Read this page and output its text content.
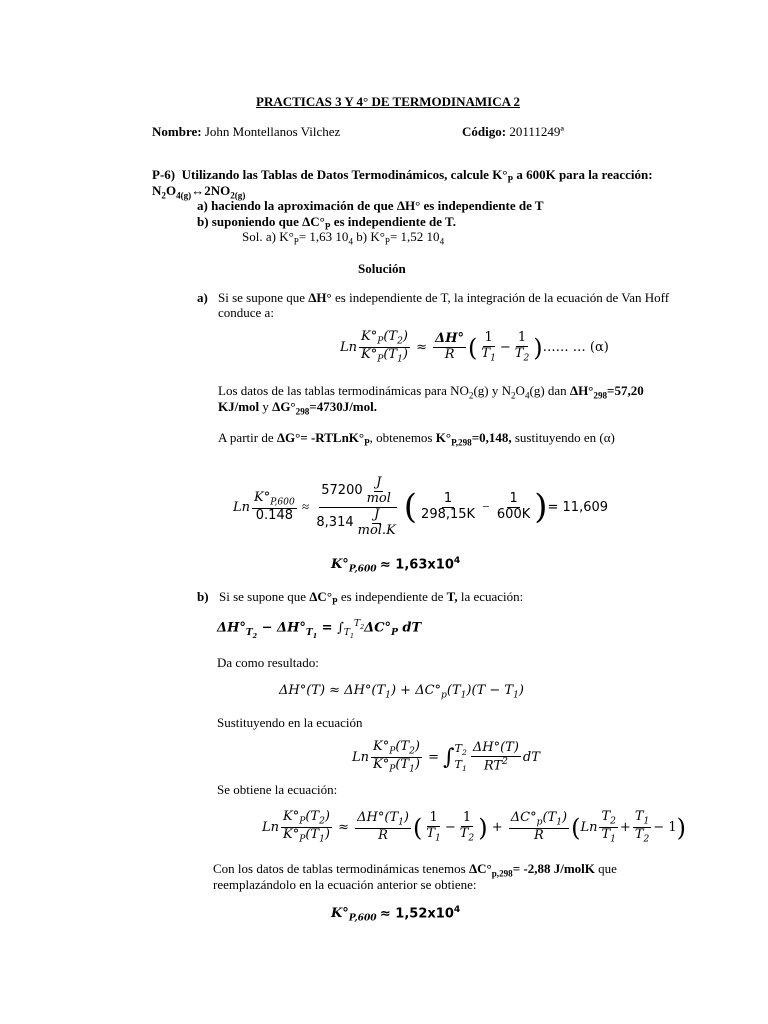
PRACTICAS 3 Y 4° DE TERMODINAMICA 2
Nombre: John Montellanos Vilchez	Código: 20111249ª
P-6) Utilizando las Tablas de Datos Termodinámicos, calcule $K^\circ_P$ a 600K para la reacción:
$N_2O_{4(g)}\leftrightarrow 2NO_{2(g)}$
a) haciendo la aproximación de que ΔH° es independiente de T
b) suponiendo que $\Delta C^\circ_P$ es independiente de T.
Sol. a) $K^\circ_P= 1,63$ $10_4$ b) $K^\circ_P= 1,52$ $10_4$
Solución
a) Si se supone que ΔH° es independiente de T, la integración de la ecuación de Van Hoff
conduce a:
Ln $\frac{K^\circ_P(T_2)}{K^\circ_P(T_1)} \approx \frac{\Delta H^\circ}{R}$ ( $\frac{1}{T_1} - \frac{1}{T_2}$ ) …… … (α)
Los datos de las tablas termodinámicas para $NO_2(g)$ y $N_2O_4(g)$ dan $\Delta H^\circ_{298}=57,20$
KJ/mol y $\Delta G^\circ_{298}=4730J$/mol.
A partir de $\Delta G^\circ= -RTLnK^\circ_P$, obtenemos $K^\circ_{P,298}=0,148$, sustituyendo en (α)
Ln $\frac{K^\circ_{P,600}}{0.148} \approx \frac{57200 \frac{J}{\text{mol}}}{8,314 \frac{J}{\text{mol.K}}}$ ( $\frac{1}{298,15K} - \frac{1}{600K}$ ) = 11,609
$K^\circ_{P,600} \approx 1,63x10^4$
b) Si se supone que $\Delta C^\circ_P$ es independiente de T, la ecuación:
$\Delta H^\circ_{T_2} - \Delta H^\circ_{T_1} = \int_{T_1}^{T_2}\Delta C^\circ_P$ dT
Da como resultado:
$\Delta H^\circ(T) \approx \Delta H^\circ(T_1) + \Delta C^\circ_p(T_1)(T - T_1)$
Sustituyendo en la ecuación
Ln $\frac{K^\circ_P(T_2)}{K^\circ_P(T_1)}$ = ∫ $T_2$
$T_1 \frac{\Delta H^\circ(T)}{RT^2}$ dT
Se obtiene la ecuación:
Ln $\frac{K^\circ_P(T_2)}{K^\circ_P(T_1)} \approx \frac{\Delta H^\circ(T_1)}{R}$ ( $\frac{1}{T_1} - \frac{1}{T_2}$ ) + $\frac{\Delta C^\circ_p(T_1)}{R}$ ( Ln $\frac{T_2}{T_1} + \frac{T_1}{T_2} - 1$ )
Con los datos de tablas termodinámicas tenemos $\Delta C^\circ_{p,298}= -2,88$ J/molK que
reemplazándolo en la ecuación anterior se obtiene:
$K^\circ_{P,600} \approx 1,52x10^4$
